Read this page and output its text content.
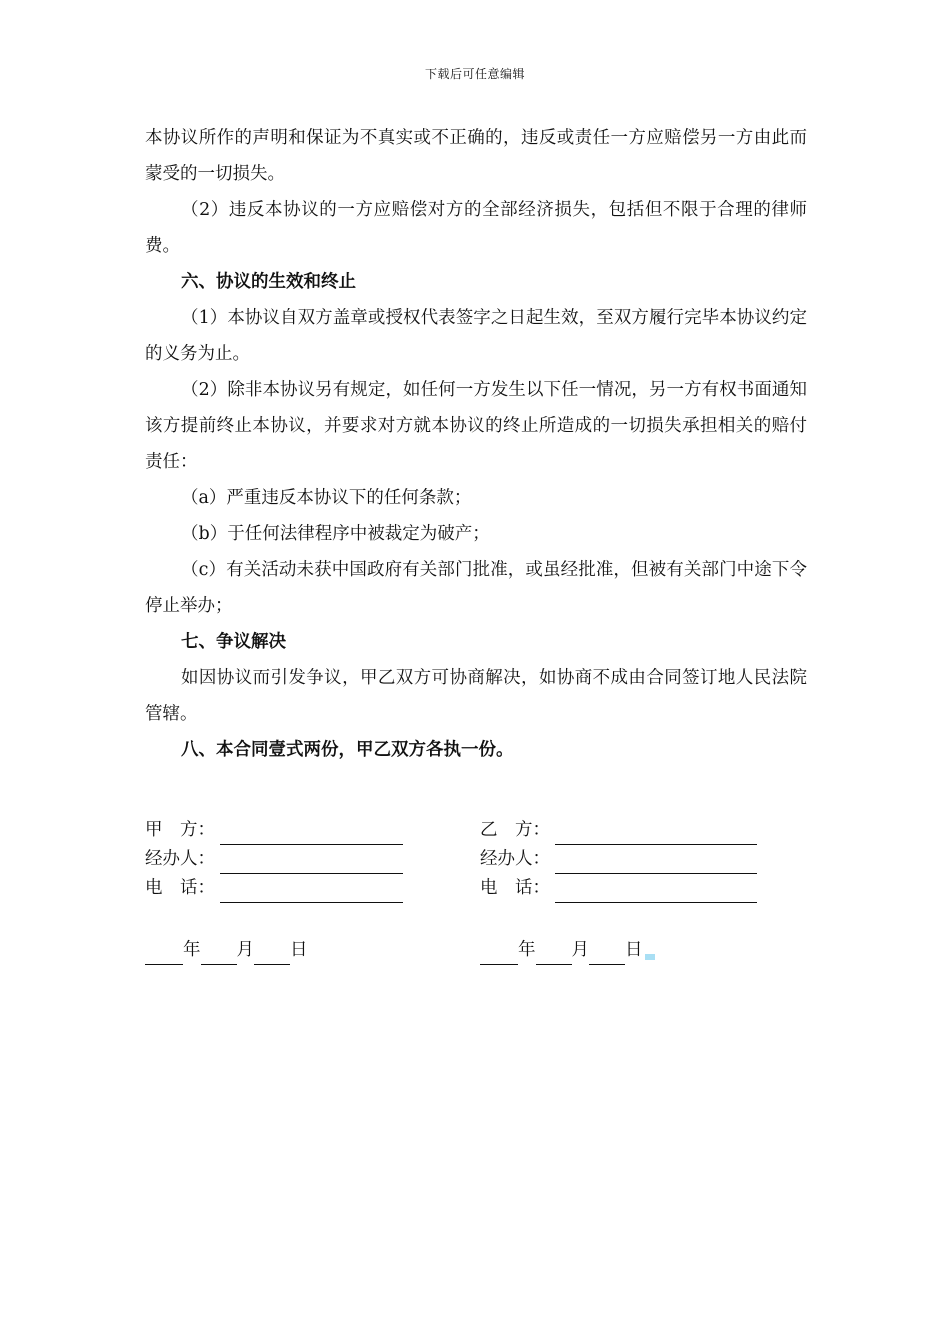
下载后可任意编辑

本协议所作的声明和保证为不真实或不正确的，违反或责任一方应赔偿另一方由此而蒙受的一切损失。

（2）违反本协议的一方应赔偿对方的全部经济损失，包括但不限于合理的律师费。

六、协议的生效和终止

（1）本协议自双方盖章或授权代表签字之日起生效，至双方履行完毕本协议约定的义务为止。

（2）除非本协议另有规定，如任何一方发生以下任一情况，另一方有权书面通知该方提前终止本协议，并要求对方就本协议的终止所造成的一切损失承担相关的赔付责任：

（a）严重违反本协议下的任何条款；

（b）于任何法律程序中被裁定为破产；

（c）有关活动未获中国政府有关部门批准，或虽经批准，但被有关部门中途下令停止举办；

七、争议解决

如因协议而引发争议，甲乙双方可协商解决，如协商不成由合同签订地人民法院管辖。

八、本合同壹式两份，甲乙双方各执一份。

甲　方：
经办人：
电　话：
乙　方：
经办人：
电　话：
年 月 日	年 月 日
